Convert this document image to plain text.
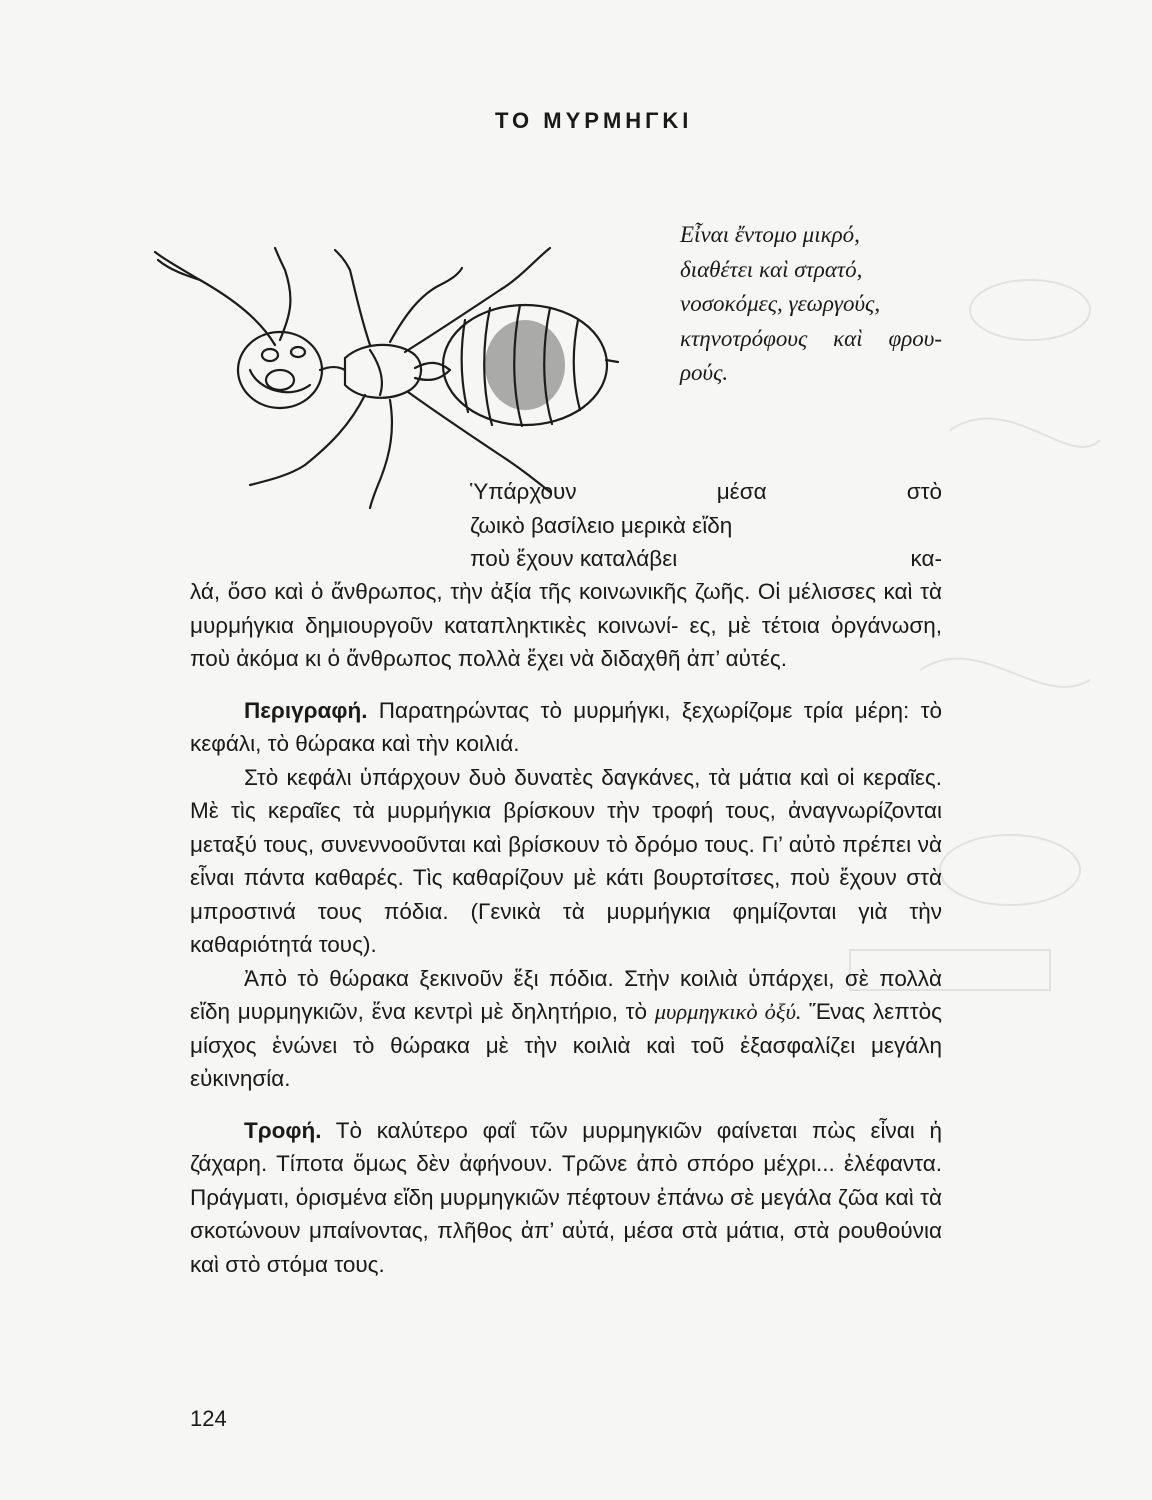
ΤΟ ΜΥΡΜΗΓΚΙ
Εἶναι ἔντομο μικρό,
διαθέτει καὶ στρατό,
νοσοκόμες, γεωργούς,
κτηνοτρόφους καὶ φρου-
ρούς.
Ὑπάρχουν	μέσα	στὸ
ζωικὸ βασίλειο μερικὰ εἴδη
ποὺ ἔχουν καταλάβει	κα-

λά, ὅσο καὶ ὁ ἄνθρωπος, τὴν ἀξία τῆς κοινωνικῆς ζωῆς. Οἱ μέλισσες καὶ τὰ μυρμήγκια δημιουργοῦν καταπληκτικὲς κοινωνί- ες, μὲ τέτοια ὀργάνωση, ποὺ ἀκόμα κι ὁ ἄνθρωπος πολλὰ ἔχει νὰ διδαχθῆ ἀπ’ αὐτές.

Περιγραφή. Παρατηρώντας τὸ μυρμήγκι, ξεχωρίζομε τρία μέρη: τὸ κεφάλι, τὸ θώρακα καὶ τὴν κοιλιά.

Στὸ κεφάλι ὑπάρχουν δυὸ δυνατὲς δαγκάνες, τὰ μάτια καὶ οἱ κεραῖες. Μὲ τὶς κεραῖες τὰ μυρμήγκια βρίσκουν τὴν τροφή τους, ἀναγνωρίζονται μεταξύ τους, συνεννοοῦνται καὶ βρίσκουν τὸ δρόμο τους. Γι’ αὐτὸ πρέπει νὰ εἶναι πάντα καθαρές. Τὶς καθαρίζουν μὲ κάτι βουρτσίτσες, ποὺ ἔχουν στὰ μπροστινά τους πόδια. (Γενικὰ τὰ μυρμήγκια φημίζονται γιὰ τὴν καθαριότητά τους).

Ἀπὸ τὸ θώρακα ξεκινοῦν ἕξι πόδια. Στὴν κοιλιὰ ὑπάρχει, σὲ πολλὰ εἴδη μυρμηγκιῶν, ἕνα κεντρὶ μὲ δηλητήριο, τὸ μυρμηγκικὸ ὀξύ. Ἕνας λεπτὸς μίσχος ἑνώνει τὸ θώρακα μὲ τὴν κοιλιὰ καὶ τοῦ ἐξασφαλίζει μεγάλη εὐκινησία.

Τροφή. Τὸ καλύτερο φαΐ τῶν μυρμηγκιῶν φαίνεται πὼς εἶναι ἡ ζάχαρη. Τίποτα ὅμως δὲν ἀφήνουν. Τρῶνε ἀπὸ σπόρο μέχρι... ἐλέφαντα. Πράγματι, ὁρισμένα εἴδη μυρμηγκιῶν πέφτουν ἐπάνω σὲ μεγάλα ζῶα καὶ τὰ σκοτώνουν μπαίνοντας, πλῆθος ἀπ’ αὐτά, μέσα στὰ μάτια, στὰ ρουθούνια καὶ στὸ στόμα τους.

124
